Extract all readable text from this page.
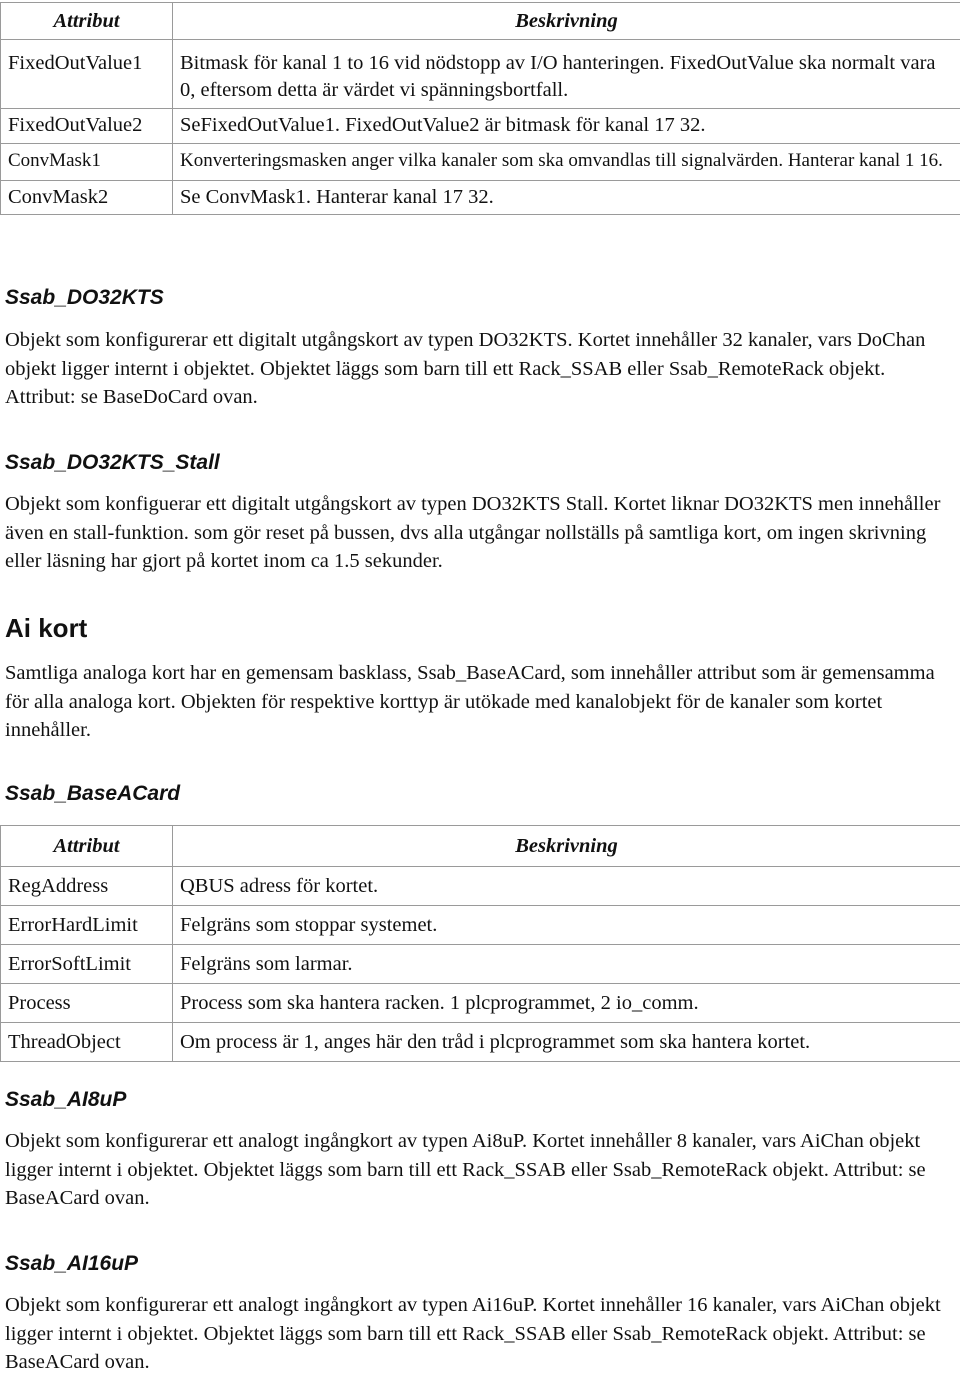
Attribut	Beskrivning
FixedOutValue1	Bitmask för kanal 1 to 16 vid nödstopp av I/O hanteringen. FixedOutValue ska normalt vara 0, eftersom detta är värdet vi spänningsbortfall.
FixedOutValue2	SeFixedOutValue1. FixedOutValue2 är bitmask för kanal 17 32.
ConvMask1	Konverteringsmasken anger vilka kanaler som ska omvandlas till signalvärden. Hanterar kanal 1 16.
ConvMask2	Se ConvMask1. Hanterar kanal 17 32.
Ssab_DO32KTS

Objekt som konfigurerar ett digitalt utgångskort av typen DO32KTS. Kortet innehåller 32 kanaler, vars DoChan objekt ligger internt i objektet. Objektet läggs som barn till ett Rack_SSAB eller Ssab_RemoteRack objekt. Attribut: se BaseDoCard ovan.

Ssab_DO32KTS_Stall

Objekt som konfiguerar ett digitalt utgångskort av typen DO32KTS Stall. Kortet liknar DO32KTS men innehåller även en stall-funktion. som gör reset på bussen, dvs alla utgångar nollställs på samtliga kort, om ingen skrivning eller läsning har gjort på kortet inom ca 1.5 sekunder.

Ai kort

Samtliga analoga kort har en gemensam basklass, Ssab_BaseACard, som innehåller attribut som är gemensamma för alla analoga kort. Objekten för respektive korttyp är utökade med kanalobjekt för de kanaler som kortet innehåller.

Ssab_BaseACard
Attribut	Beskrivning
RegAddress	QBUS adress för kortet.
ErrorHardLimit	Felgräns som stoppar systemet.
ErrorSoftLimit	Felgräns som larmar.
Process	Process som ska hantera racken. 1 plcprogrammet, 2 io_comm.
ThreadObject	Om process är 1, anges här den tråd i plcprogrammet som ska hantera kortet.
Ssab_AI8uP

Objekt som konfigurerar ett analogt ingångkort av typen Ai8uP. Kortet innehåller 8 kanaler, vars AiChan objekt ligger internt i objektet. Objektet läggs som barn till ett Rack_SSAB eller Ssab_RemoteRack objekt. Attribut: se BaseACard ovan.

Ssab_AI16uP

Objekt som konfigurerar ett analogt ingångkort av typen Ai16uP. Kortet innehåller 16 kanaler, vars AiChan objekt ligger internt i objektet. Objektet läggs som barn till ett Rack_SSAB eller Ssab_RemoteRack objekt. Attribut: se BaseACard ovan.
